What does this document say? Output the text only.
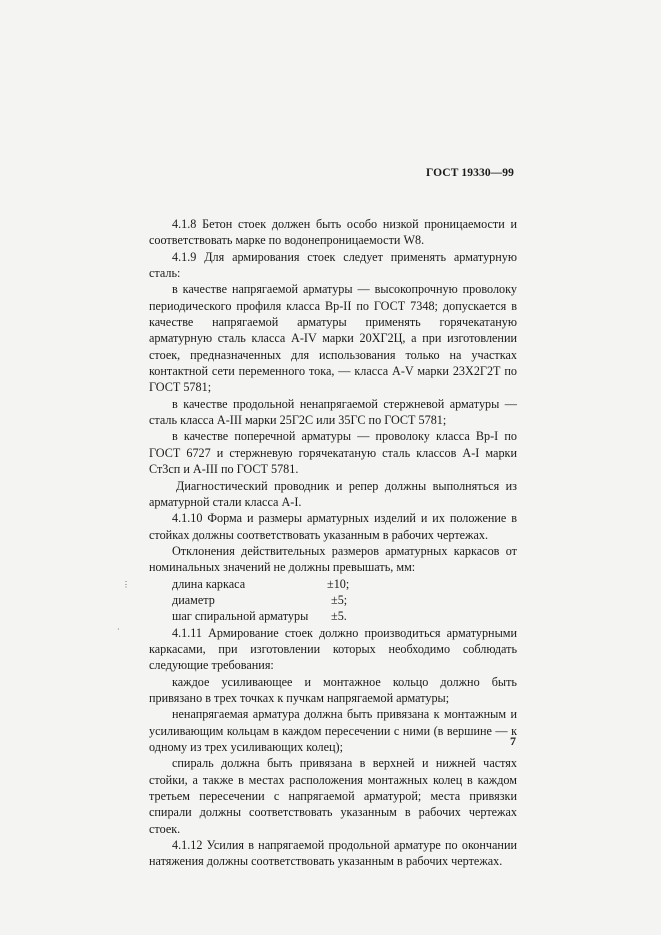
ГОСТ 19330—99

4.1.8 Бетон стоек должен быть особо низкой проницаемости и соответствовать марке по водонепроницаемости W8.

4.1.9 Для армирования стоек следует применять арматурную сталь:

в качестве напрягаемой арматуры — высокопрочную проволоку периодического профиля класса Вр-II по ГОСТ 7348; допускается в качестве напрягаемой арматуры применять горячекатаную арматурную сталь класса А-IV марки 20ХГ2Ц, а при изготовлении стоек, предназначенных для использования только на участках контактной сети переменного тока, — класса А-V марки 23Х2Г2Т по ГОСТ 5781;

в качестве продольной ненапрягаемой стержневой арматуры — сталь класса А-III марки 25Г2С или 35ГС по ГОСТ 5781;

в качестве поперечной арматуры — проволоку класса Вр-I по ГОСТ 6727 и стержневую горячекатаную сталь классов А-I марки Ст3сп и А-III по ГОСТ 5781.

Диагностический проводник и репер должны выполняться из арматурной стали класса А-I.

4.1.10 Форма и размеры арматурных изделий и их положение в стойках должны соответствовать указанным в рабочих чертежах.

Отклонения действительных размеров арматурных каркасов от номинальных значений не должны превышать, мм:

длина каркаса	±10;
диаметр	±5;
шаг спиральной арматуры ±5.

4.1.11 Армирование стоек должно производиться арматурными каркасами, при изготовлении которых необходимо соблюдать следующие требования:

каждое усиливающее и монтажное кольцо должно быть привязано в трех точках к пучкам напрягаемой арматуры;

ненапрягаемая арматура должна быть привязана к монтажным и усиливающим кольцам в каждом пересечении с ними (в вершине — к одному из трех усиливающих колец);

спираль должна быть привязана в верхней и нижней частях стойки, а также в местах расположения монтажных колец в каждом третьем пересечении с напрягаемой арматурой; места привязки спирали должны соответствовать указанным в рабочих чертежах стоек.

4.1.12 Усилия в напрягаемой продольной арматуре по окончании натяжения должны соответствовать указанным в рабочих чертежах.

⋮
·
7
